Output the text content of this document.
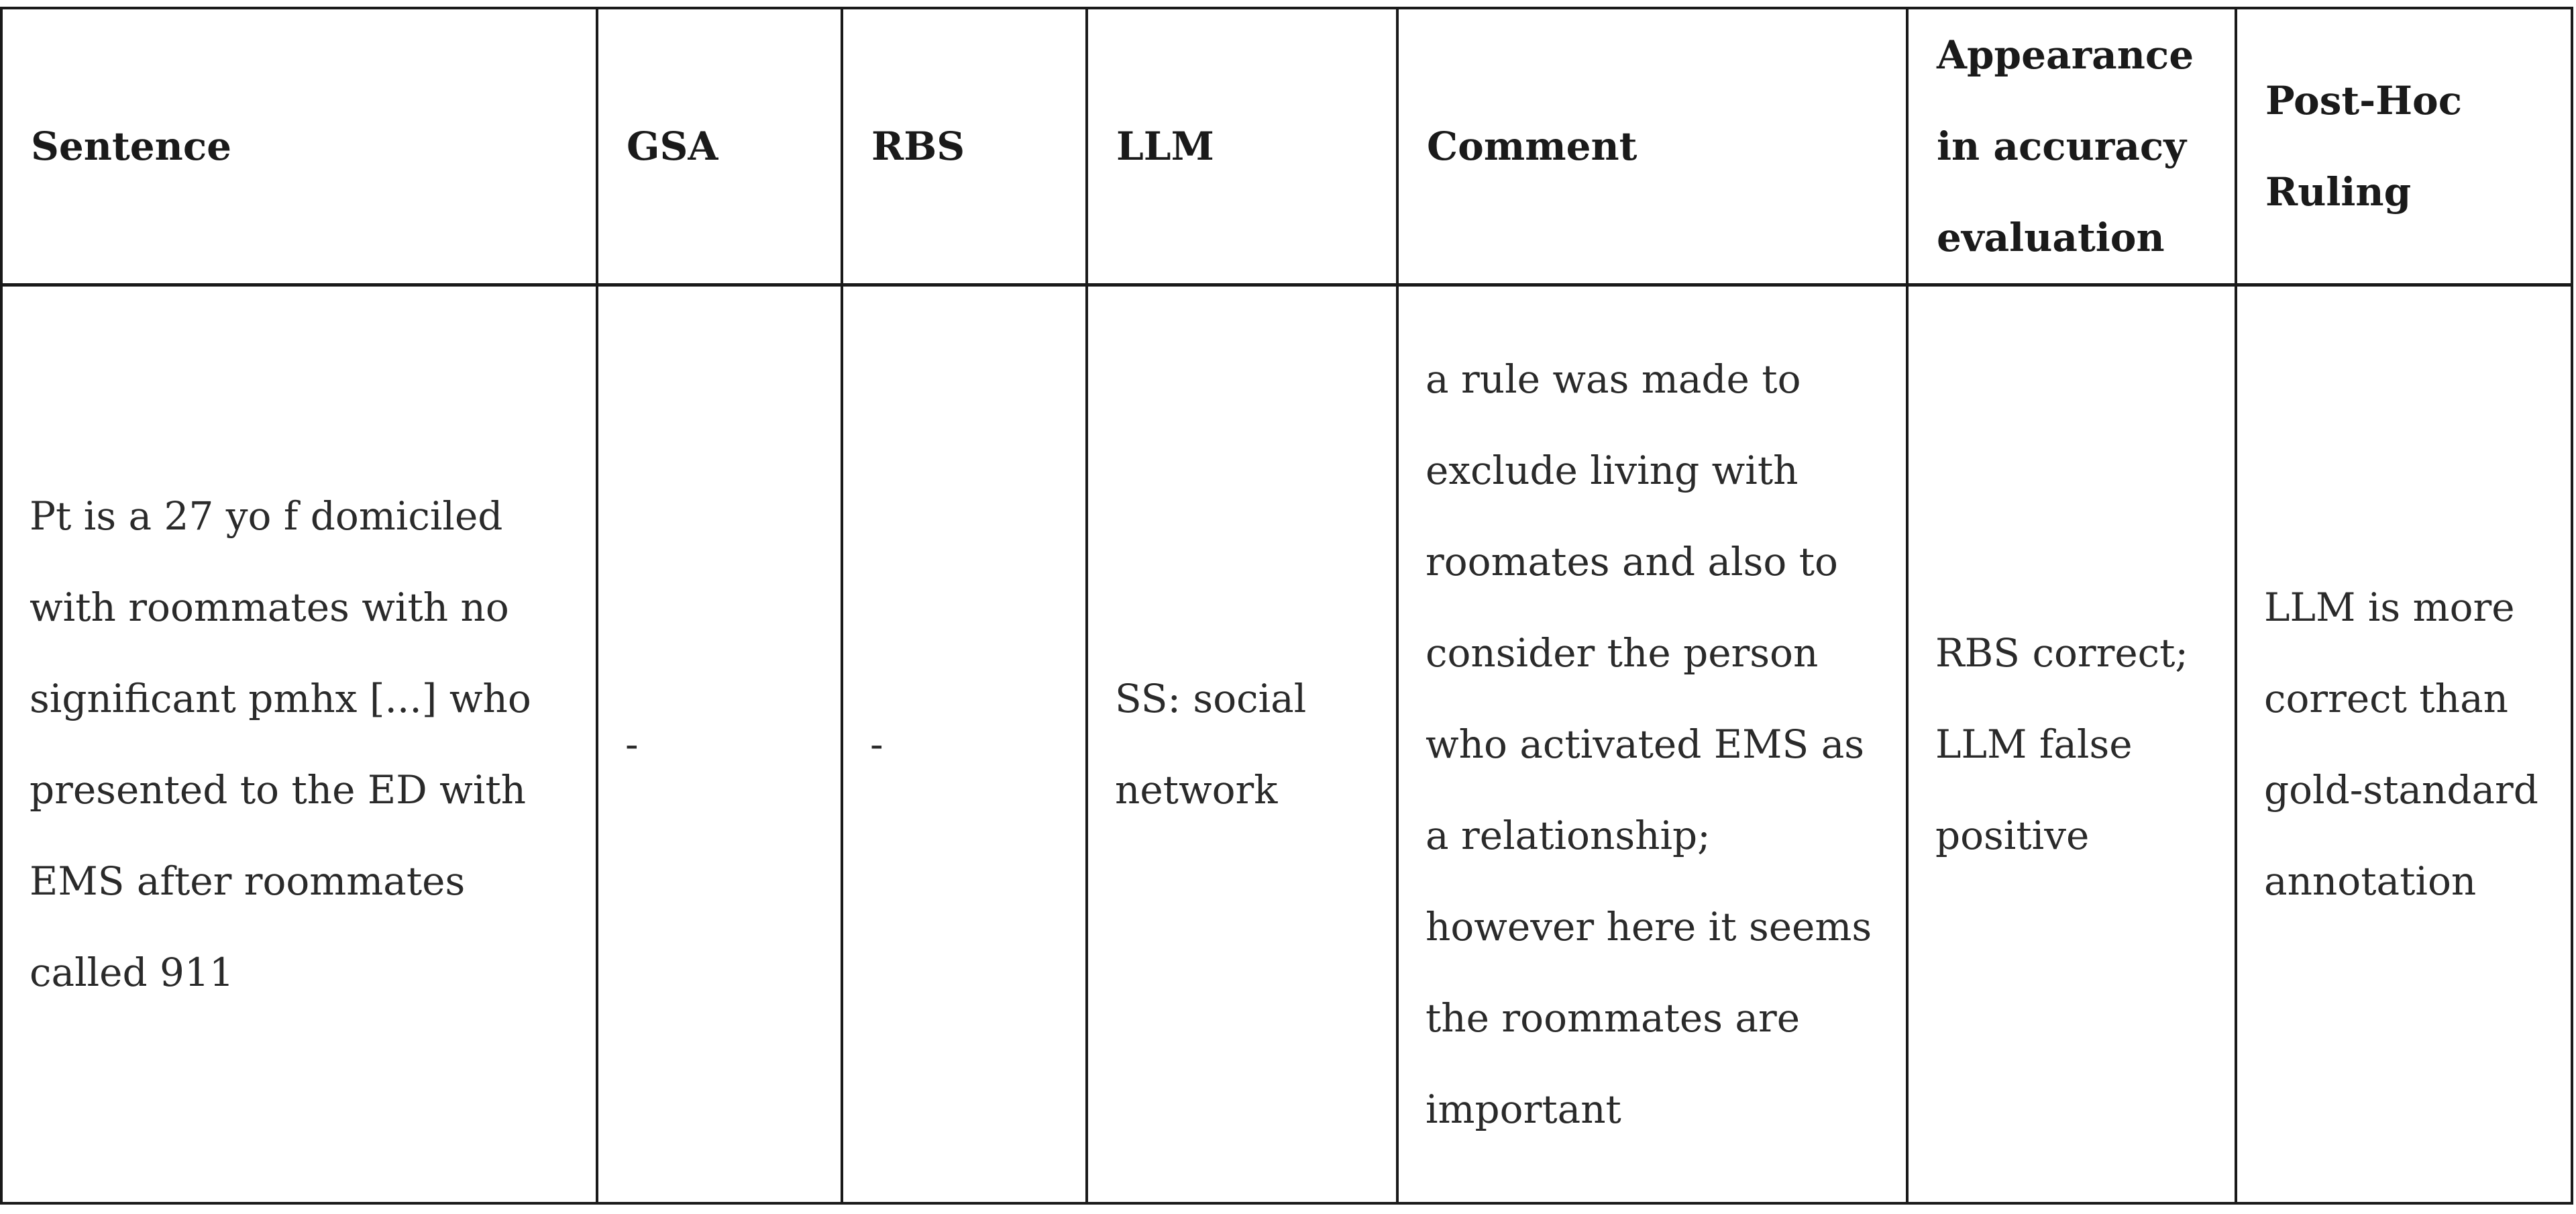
Sentence	GSA	RBS	LLM	Comment	Appearance in accuracy evaluation	Post-Hoc Ruling

Pt is a 27 yo f domiciled with roommates with no significant pmhx [...] who presented to the ED with EMS after roommates called 911	-	-	SS: social network	a rule was made to exclude living with roomates and also to consider the person who activated EMS as a relationship; however here it seems the roommates are important	RBS correct; LLM false positive	LLM is more correct than gold-standard annotation
